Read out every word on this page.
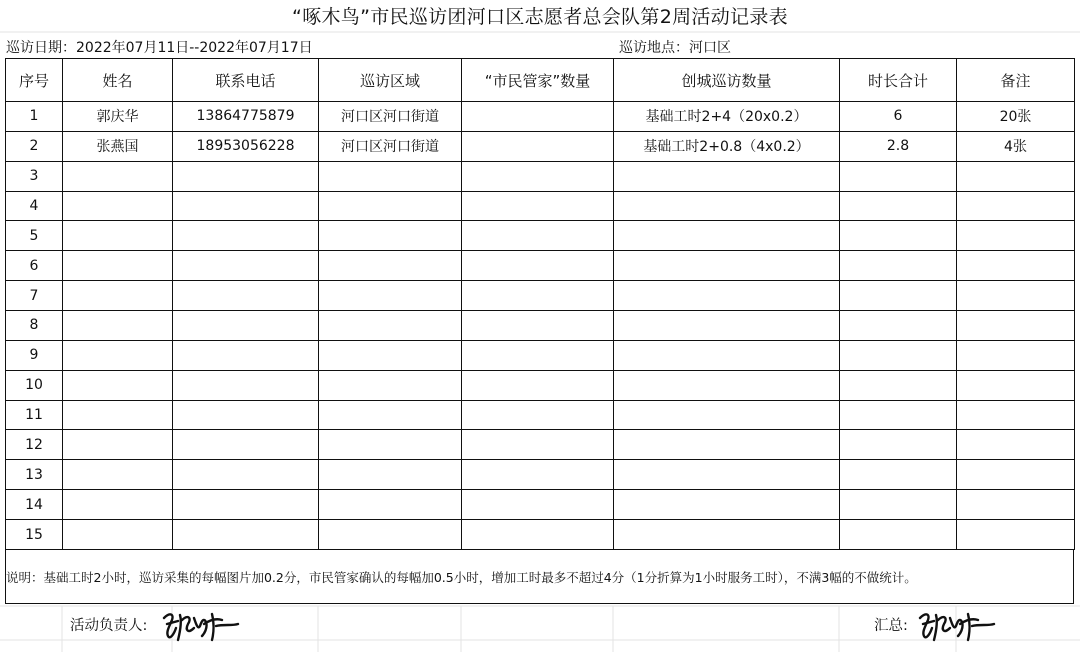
“啄木鸟”市民巡访团河口区志愿者总会队第2周活动记录表
巡访日期：2022年07月11日--2022年07月17日	巡访地点：河口区
序号	姓名	联系电话	巡访区域	“市民管家”数量	创城巡访数量	时长合计	备注
1	郭庆华	13864775879	河口区河口街道		基础工时2+4（20x0.2）	6	20张
2	张燕国	18953056228	河口区河口街道		基础工时2+0.8（4x0.2）	2.8	4张
3							
4							
5							
6							
7							
8							
9							
10							
11							
12							
13							
14							
15							
说明：基础工时2小时，巡访采集的每幅图片加0.2分，市民管家确认的每幅加0.5小时，增加工时最多不超过4分（1分折算为1小时服务工时），不满3幅的不做统计。
活动负责人:	汇总:
